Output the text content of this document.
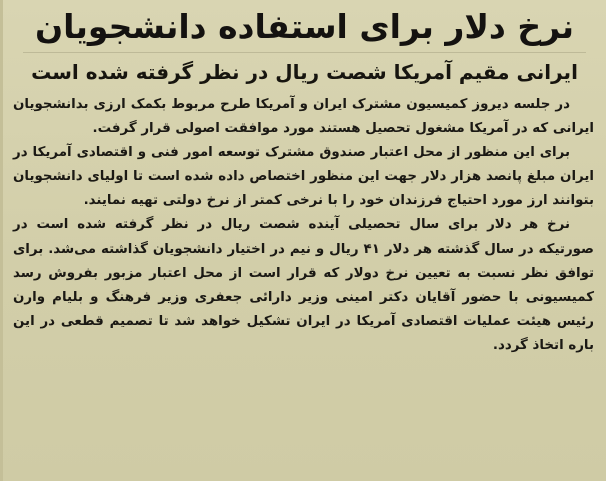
نرخ دلار برای استفاده دانشجویان
ایرانی مقیم آمریکا شصت ریال در نظر گرفته شده است

در جلسه دیروز کمیسیون مشترک ایران و آمریکا طرح مربوط بکمک ارزی بدانشجویان ایرانی که در آمریکا مشغول تحصیل هستند مورد موافقت اصولی قرار گرفت.

برای این منظور از محل اعتبار صندوق مشترک توسعه امور فنی و اقتصادی آمریکا در ایران مبلغ پانصد هزار دلار جهت این منظور اختصاص داده شده است تا اولیای دانشجویان بتوانند ارز مورد احتیاج فرزندان خود را با نرخی کمتر از نرخ دولتی تهیه نمایند.

نرخ هر دلار برای سال تحصیلی آینده شصت ریال در نظر گرفته شده است در صورتیکه در سال گذشته هر دلار ۴۱ ریال و نیم در اختیار دانشجویان گذاشته می‌شد. برای توافق نظر نسبت به تعیین نرخ دولار که قرار است از محل اعتبار مزبور بفروش رسد کمیسیونی با حضور آقایان دکتر امینی وزیر دارائی جعفری وزیر فرهنگ و بلیام وارن رئیس هیئت عملیات اقتصادی آمریکا در ایران تشکیل خواهد شد تا تصمیم قطعی در این باره اتخاذ گردد.
